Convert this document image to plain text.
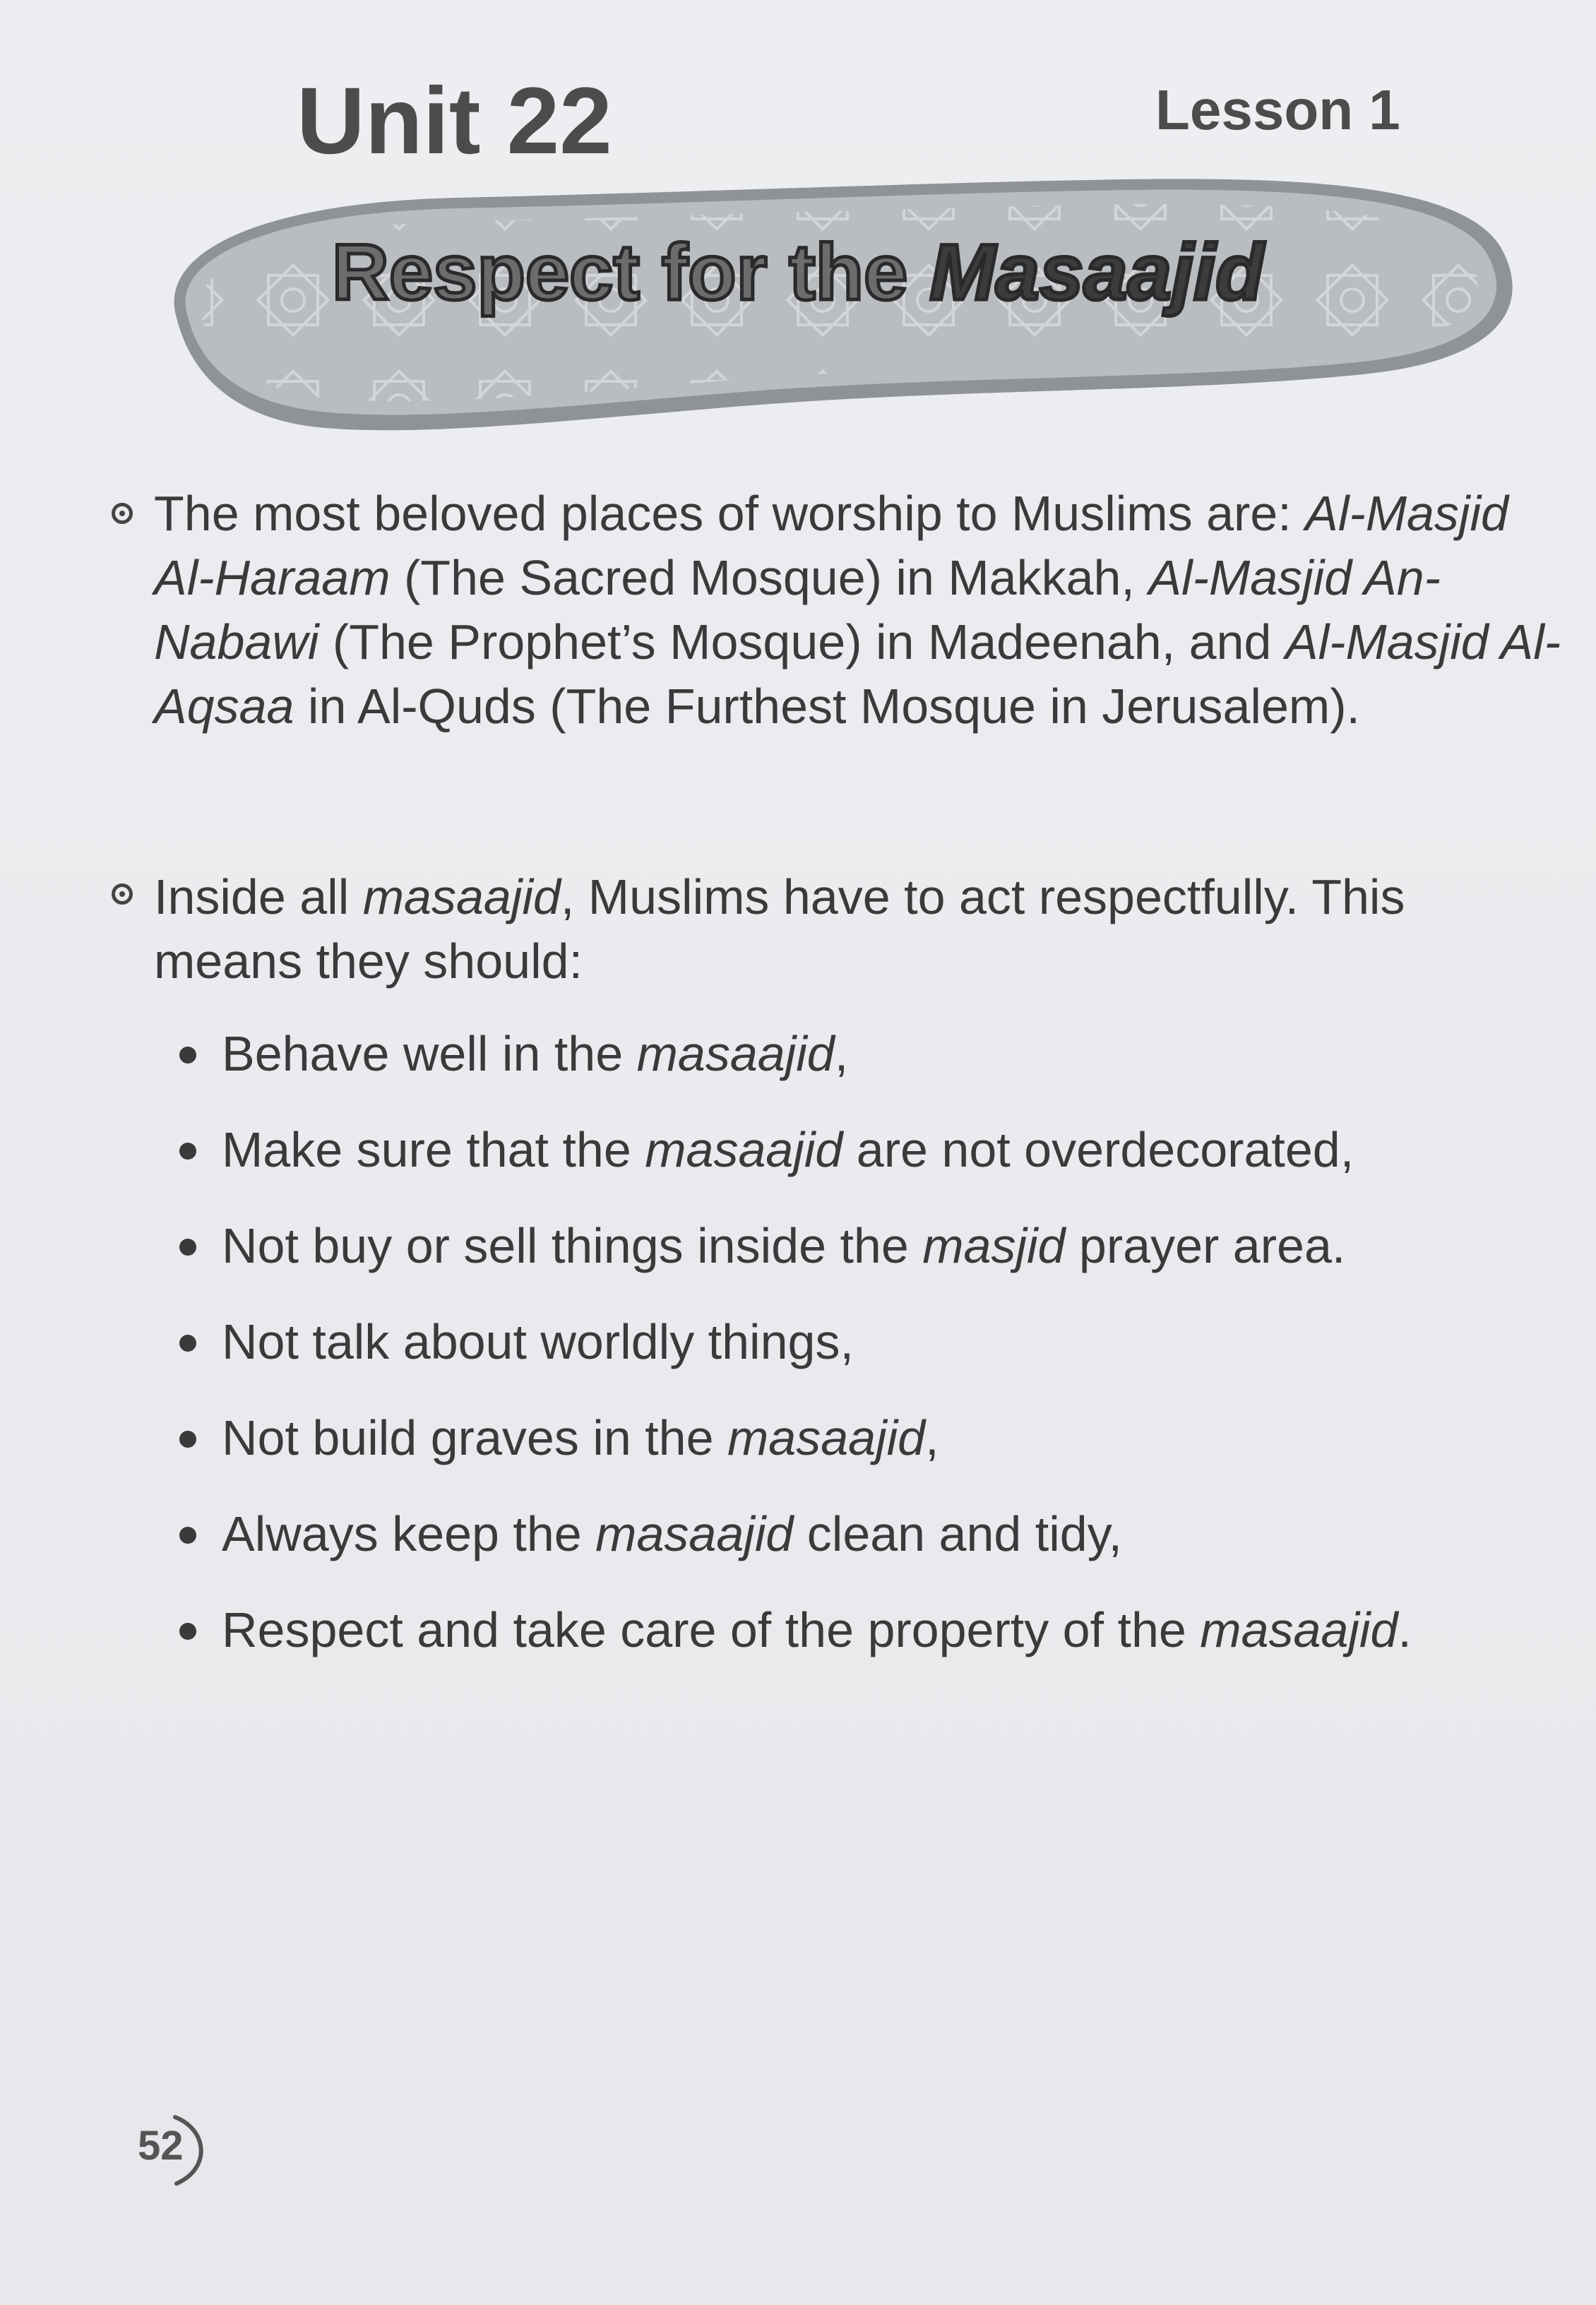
Unit 22	Lesson 1
Respect for the Masaajid

The most beloved places of worship to Muslims are: Al-Masjid Al-Haraam (The Sacred Mosque) in Makkah, Al-Masjid An-Nabawi (The Prophet’s Mosque) in Madeenah, and Al-Masjid Al-Aqsaa in Al-Quds (The Furthest Mosque in Jerusalem).

Inside all masaajid, Muslims have to act respectfully. This means they should:

Behave well in the masaajid,
Make sure that the masaajid are not overdecorated,
Not buy or sell things inside the masjid prayer area.
Not talk about worldly things,
Not build graves in the masaajid,
Always keep the masaajid clean and tidy,
Respect and take care of the property of the masaajid.
52
